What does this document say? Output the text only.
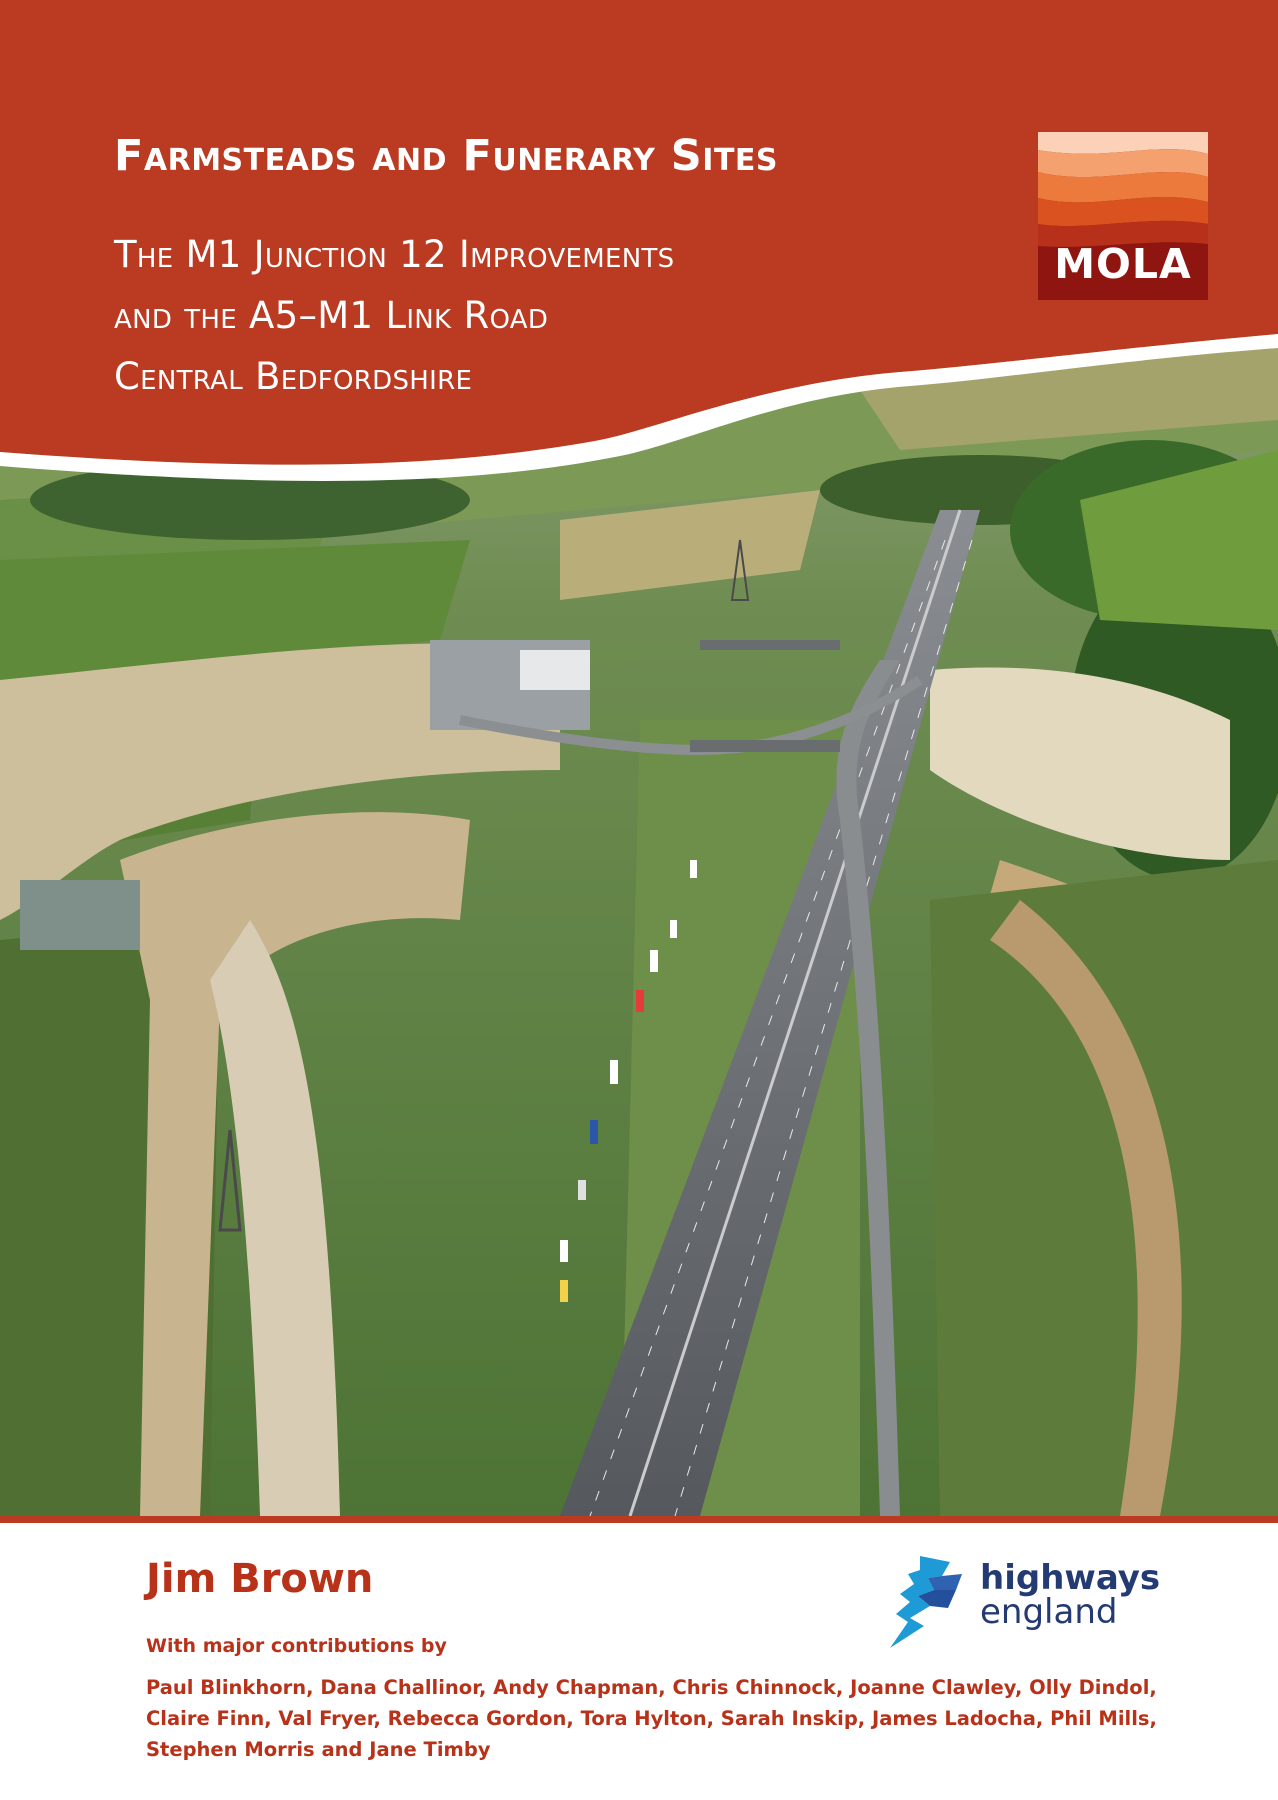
Farmsteads and Funerary Sites
The M1 Junction 12 Improvements
and the A5–M1 Link Road
Central Bedfordshire
MOLA
Jim Brown
With major contributions by
Paul Blinkhorn, Dana Challinor, Andy Chapman, Chris Chinnock, Joanne Clawley, Olly Dindol, Claire Finn, Val Fryer, Rebecca Gordon, Tora Hylton, Sarah Inskip, James Ladocha, Phil Mills, Stephen Morris and Jane Timby
highways
england
